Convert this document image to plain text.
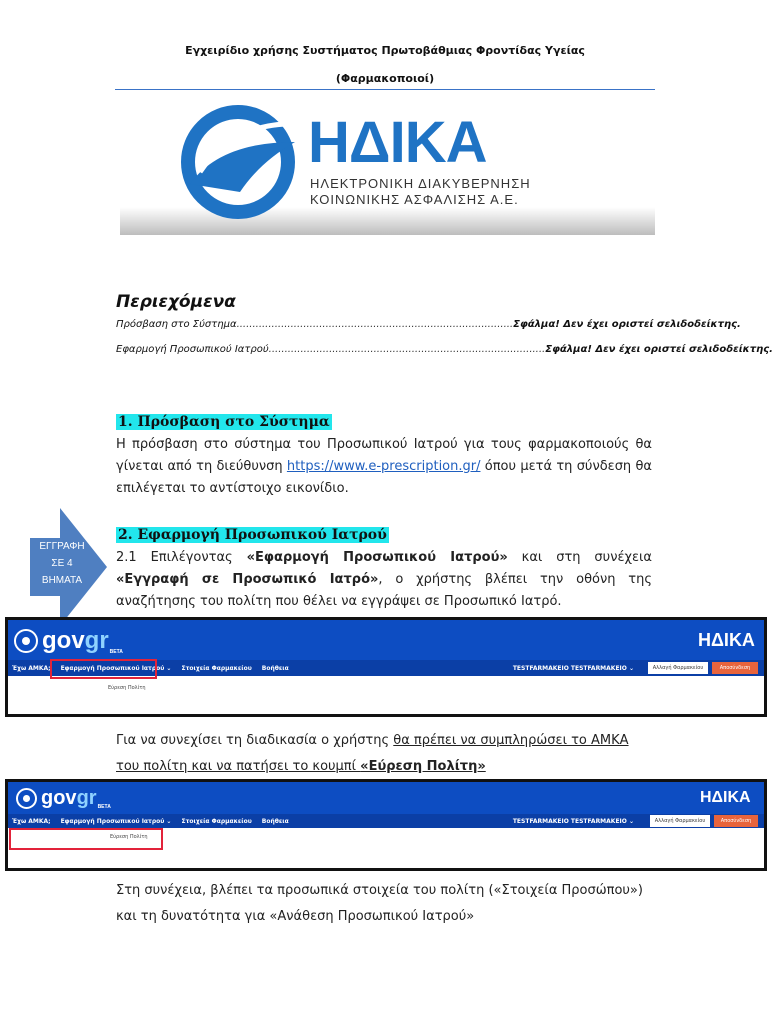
Εγχειρίδιο χρήσης Συστήματος Πρωτοβάθμιας Φροντίδας Υγείας
(Φαρμακοποιοί)
ΗΔΙΚΑ
ΗΛΕΚΤΡΟΝΙΚΗ ΔΙΑΚΥΒΕΡΝΗΣΗ
ΚΟΙΝΩΝΙΚΗΣ ΑΣΦΑΛΙΣΗΣ Α.Ε.
Περιεχόμενα
Πρόσβαση στο Σύστημα ....................................................................................... Σφάλμα! Δεν έχει οριστεί σελιδοδείκτης.
Εφαρμογή Προσωπικού Ιατρού ....................................................................................... Σφάλμα! Δεν έχει οριστεί σελιδοδείκτης.
1. Πρόσβαση στο Σύστημα
Η πρόσβαση στο σύστημα του Προσωπικού Ιατρού για τους φαρμακοποιούς θα γίνεται από τη διεύθυνση https://www.e-prescription.gr/ όπου μετά τη σύνδεση θα επιλέγεται το αντίστοιχο εικονίδιο.
ΕΓΓΡΑΦΗ
ΣΕ 4
ΒΗΜΑΤΑ
2. Εφαρμογή Προσωπικού Ιατρού
2.1 Επιλέγοντας «Εφαρμογή Προσωπικού Ιατρού» και στη συνέχεια «Εγγραφή σε Προσωπικό Ιατρό», ο χρήστης βλέπει την οθόνη της αναζήτησης του πολίτη που θέλει να εγγράψει σε Προσωπικό Ιατρό.
gov gr BETA
ΗΔΙΚΑ
Έχω ΑΜΚΑ; Εφαρμογή Προσωπικού Ιατρού ⌄ Στοιχεία Φαρμακείου Βοήθεια	TESTFARMAKEIO TESTFARMAKEIO ⌄	Αλλαγή Φαρμακείου	Αποσύνδεση
Εύρεση Πολίτη
Για να συνεχίσει τη διαδικασία ο χρήστης θα πρέπει να συμπληρώσει το ΑΜΚΑ
του πολίτη και να πατήσει το κουμπί «Εύρεση Πολίτη»
gov gr BETA
ΗΔΙΚΑ
Έχω ΑΜΚΑ; Εφαρμογή Προσωπικού Ιατρού ⌄ Στοιχεία Φαρμακείου Βοήθεια	TESTFARMAKEIO TESTFARMAKEIO ⌄	Αλλαγή Φαρμακείου	Αποσύνδεση
Εύρεση Πολίτη
Στη συνέχεια, βλέπει τα προσωπικά στοιχεία του πολίτη («Στοιχεία Προσώπου») και τη δυνατότητα για «Ανάθεση Προσωπικού Ιατρού»
